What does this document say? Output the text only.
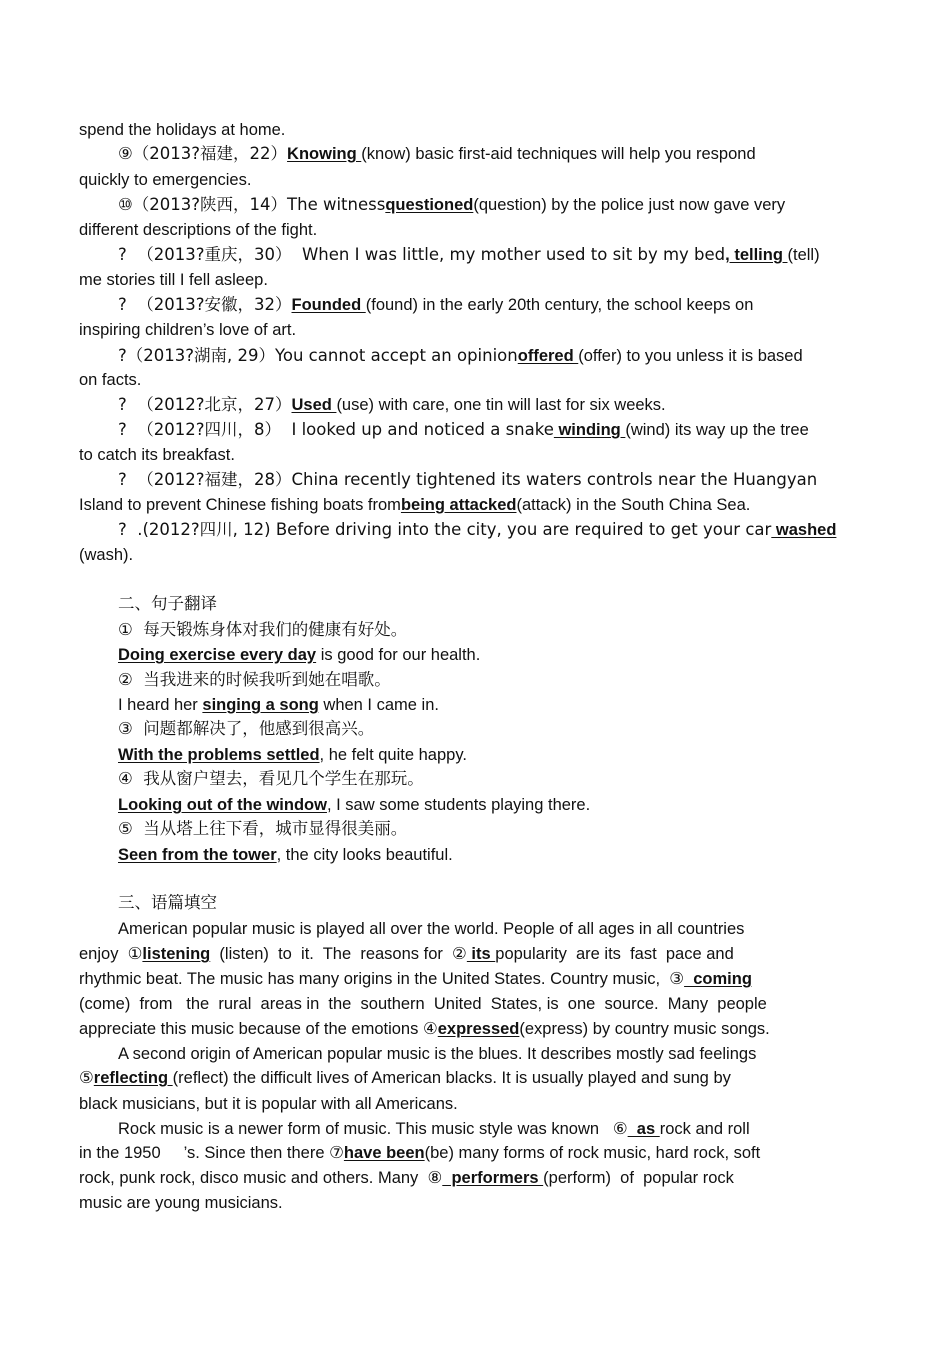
spend the holidays at home.
⑨（2013?福建，22）Knowing (know) basic first-aid techniques will help you respond
quickly to emergencies.
⑩（2013?陕西，14）The witnessquestioned(question) by the police just now gave very
different descriptions of the fight.
?  （2013?重庆，30）  When I was little, my mother used to sit by my bed, telling (tell)
me stories till I fell asleep.
?  （2013?安徽，32）Founded (found) in the early 20th century, the school keeps on
inspiring children’s love of art.
?（2013?湖南, 29）You cannot accept an opinionoffered (offer) to you unless it is based
on facts.
?  （2012?北京，27）Used (use) with care, one tin will last for six weeks.
?  （2012?四川，8）  I looked up and noticed a snake winding (wind) its way up the tree
to catch its breakfast.
?  （2012?福建，28）China recently tightened its waters controls near the Huangyan
Island to prevent Chinese fishing boats frombeing attacked(attack) in the South China Sea.
?  .(2012?四川, 12) Before driving into the city, you are required to get your car washed
(wash).
二、句子翻译
①  每天锻炼身体对我们的健康有好处。
Doing exercise every day is good for our health.
②  当我进来的时候我听到她在唱歌。
I heard her singing a song when I came in.
③  问题都解决了，他感到很高兴。
With the problems settled, he felt quite happy.
④  我从窗户望去，看见几个学生在那玩。
Looking out of the window, I saw some students playing there.
⑤  当从塔上往下看，城市显得很美丽。
Seen from the tower, the city looks beautiful.
三、语篇填空
American popular music is played all over the world. People of all ages in all countries
enjoy  ①listening  (listen)  to  it.  The  reasons for  ② its popularity  are its  fast  pace and
rhythmic beat. The music has many origins in the United States. Country music,  ③  coming
(come)  from   the  rural  areas in  the  southern  United  States, is  one  source.  Many  people
appreciate this music because of the emotions ④expressed(express) by country music songs.
A second origin of American popular music is the blues. It describes mostly sad feelings
⑤reflecting (reflect) the difficult lives of American blacks. It is usually played and sung by
black musicians, but it is popular with all Americans.
Rock music is a newer form of music. This music style was known   ⑥  as rock and roll
in the 1950     ’s. Since then there ⑦have been(be) many forms of rock music, hard rock, soft
rock, punk rock, disco music and others. Many  ⑧  performers (perform)  of  popular rock
music are young musicians.
